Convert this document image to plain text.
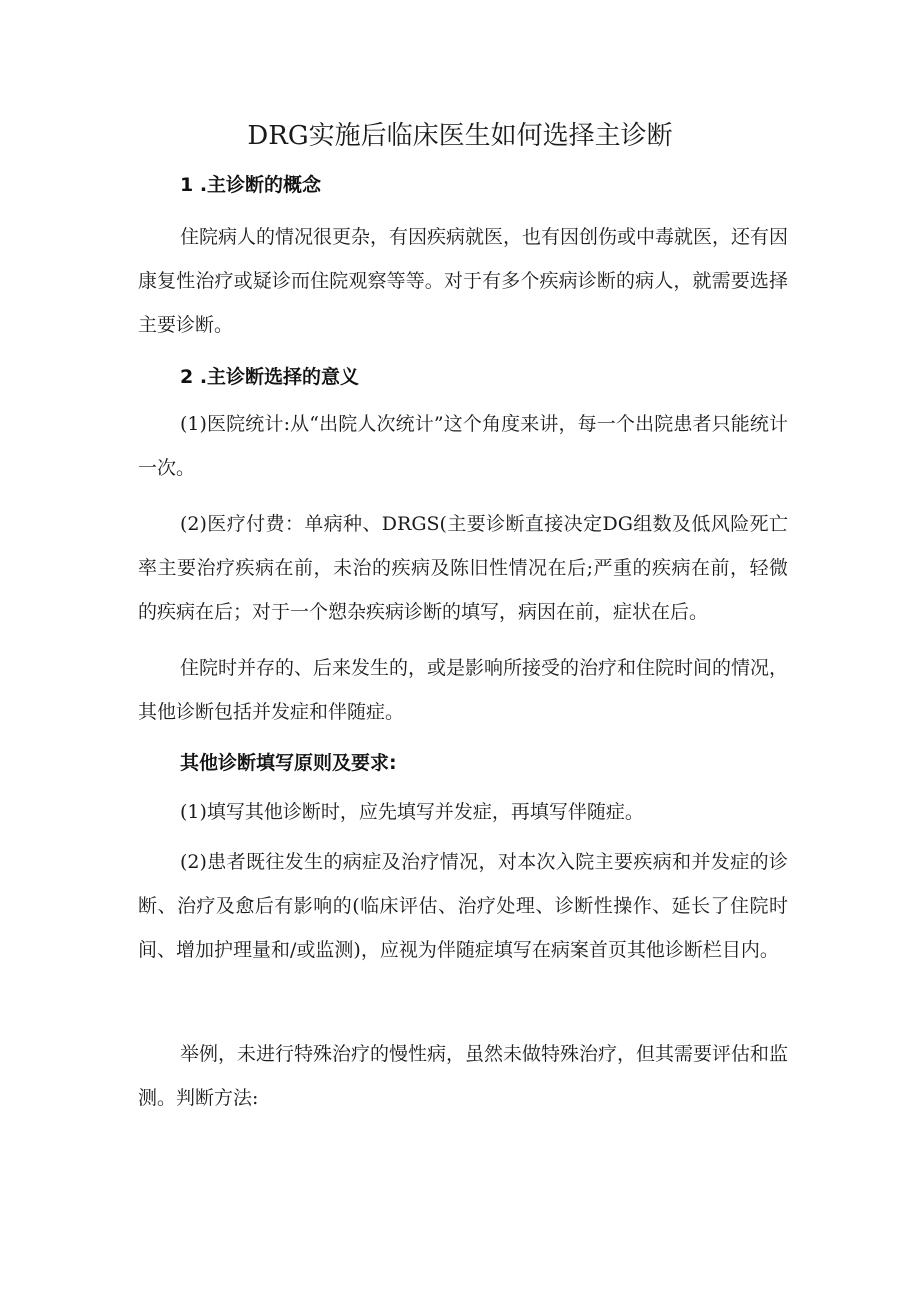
DRG实施后临床医生如何选择主诊断
1 .主诊断的概念

住院病人的情况很更杂，有因疾病就医，也有因创伤或中毒就医，还有因康复性治疗或疑诊而住院观察等等。对于有多个疾病诊断的病人，就需要选择主要诊断。

2 .主诊断选择的意义

(1)医院统计:从“出院人次统计”这个角度来讲，每一个出院患者只能统计一次。

(2)医疗付费：单病种、DRGS(主要诊断直接决定DG组数及低风险死亡率主要治疗疾病在前，未治的疾病及陈旧性情况在后;严重的疾病在前，轻微的疾病在后；对于一个愬杂疾病诊断的填写，病因在前，症状在后。

住院时并存的、后来发生的，或是影响所接受的治疗和住院时间的情况，其他诊断包括并发症和伴随症。

其他诊断填写原则及要求:

(1)填写其他诊断时，应先填写并发症，再填写伴随症。

(2)患者既往发生的病症及治疗情况，对本次入院主要疾病和并发症的诊断、治疗及愈后有影响的(临床评估、治疗处理、诊断性操作、延长了住院时间、增加护理量和/或监测)，应视为伴随症填写在病案首页其他诊断栏目内。

举例，未进行特殊治疗的慢性病，虽然未做特殊治疗，但其需要评估和监测。判断方法:
